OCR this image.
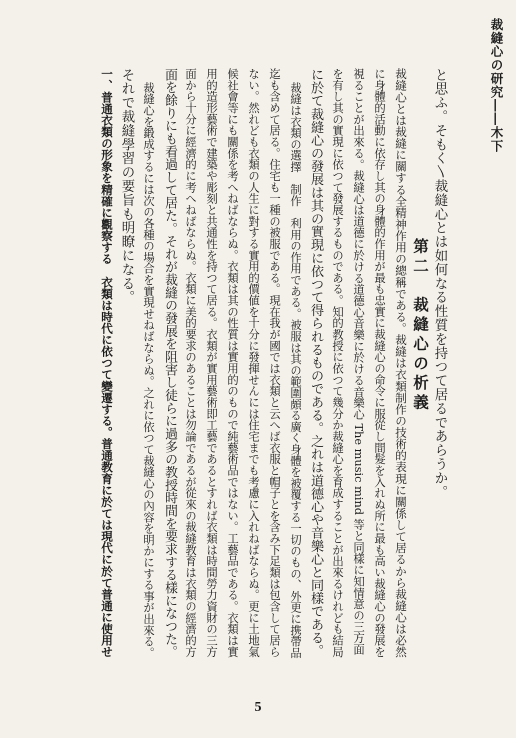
裁縫心の研究――木下
と思ふ。そもく〵裁縫心とは如何なる性質を持つて居るであらうか。
第二　裁縫心の析義
裁縫心とは裁縫に關する全精神作用の總稱である。裁縫は衣類制作の技術的表現に關係して居るから裁縫心は必然
に身體的活動に依存し其の身體的作用が最も忠實に裁縫心の命令に服從し間髮を入れぬ所に最も高い裁縫心の發展を
視ることが出來る。裁縫心は道德に於ける道德心音樂に於ける音樂心 The music mind 等と同樣に知情意の三方面
を有し其の實現に依つて發展するものである。知的教授に依つて幾分か裁縫心を育成することが出來るけれども結局
に於て裁縫心の發展は其の實現に依つて得られるものである。之れは道德心や音樂心と同樣である。
裁縫は衣類の選擇　制作　利用の作用である。被服は其の範圍頗る廣く身體を被覆する一切のもの、外更に携帶品
迄も含めて居る。住宅も一種の被服である。現在我が國では衣類と云へば衣服と帽子とを含み下足類は包含して居ら
ない。然れども衣類の人生に對する實用的價値を十分に發揮せんには住宅までも考慮に入れねばならぬ。更に土地氣
候社會等にも關係を考へねばならぬ。衣類は其の性質は實用的のもので純藝術品ではない。工藝品である。衣類は實
用的造形藝術で建築や彫刻と共通性を持つて居る。衣類が實用藝術即工藝であるとすれば衣類は時間勞力資財の三方
面から十分に經濟的に考へねばならぬ。衣類に美的要求のあることは勿論であるが從來の裁縫教育は衣類の經濟的方
面を餘りにも看過して居た。それが裁縫の發展を阻害し徒らに過多の教授時間を要求する樣になつた。
裁縫心を鍛成するには次の各種の場合を實現せねばならぬ。之れに依つて裁縫心の內容を明かにする事が出來る。
それで裁縫學習の要旨も明瞭になる。
一、普通衣類の形象を精確に觀察する　衣類は時代に依つて變遷する。普通教育に於ては現代に於て普通に使用せ
5
